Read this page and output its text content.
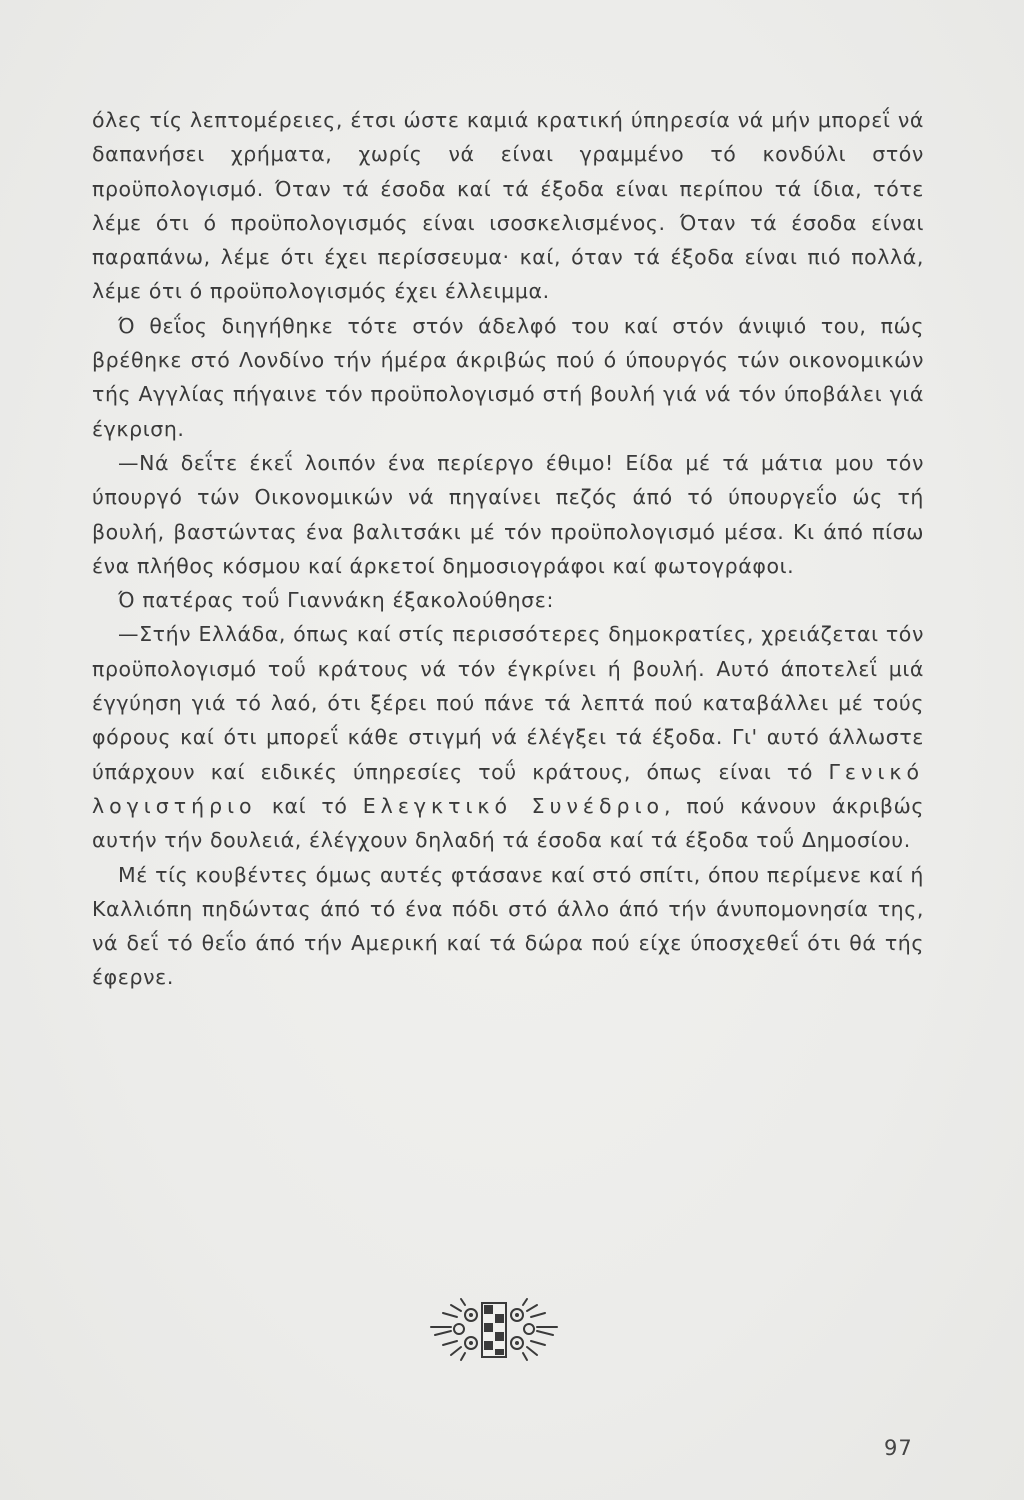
όλες τίς λεπτομέρειες, έτσι ώστε καμιά κρατική ύπηρεσία νά μήν μπορεΐ νά δαπανήσει χρήματα, χωρίς νά είναι γραμμένο τό κονδύλι στόν προϋπολογισμό. Όταν τά έσοδα καί τά έξοδα είναι περίπου τά ίδια, τότε λέμε ότι ό προϋπολογισμός είναι ισοσκελισμένος. Όταν τά έσοδα είναι παραπάνω, λέμε ότι έχει περίσσευμα· καί, όταν τά έξοδα είναι πιό πολλά, λέμε ότι ό προϋπολογισμός έχει έλλειμμα.

Ό θεΐος διηγήθηκε τότε στόν άδελφό του καί στόν άνιψιό του, πώς βρέθηκε στό Λονδίνο τήν ήμέρα άκριβώς πού ό ύπουργός τών οικονομικών τής Αγγλίας πήγαινε τόν προϋπολογισμό στή βουλή γιά νά τόν ύποβάλει γιά έγκριση.

—Νά δεΐτε έκεΐ λοιπόν ένα περίεργο έθιμο! Είδα μέ τά μάτια μου τόν ύπουργό τών Οικονομικών νά πηγαίνει πεζός άπό τό ύπουργεΐο ώς τή βουλή, βαστώντας ένα βαλιτσάκι μέ τόν προϋπολογισμό μέσα. Κι άπό πίσω ένα πλήθος κόσμου καί άρκετοί δημοσιογράφοι καί φωτογράφοι.

Ό πατέρας τοΰ Γιαννάκη έξακολούθησε:

—Στήν Ελλάδα, όπως καί στίς περισσότερες δημοκρατίες, χρειάζεται τόν προϋπολογισμό τοΰ κράτους νά τόν έγκρίνει ή βουλή. Αυτό άποτελεΐ μιά έγγύηση γιά τό λαό, ότι ξέρει πού πάνε τά λεπτά πού καταβάλλει μέ τούς φόρους καί ότι μπορεΐ κάθε στιγμή νά έλέγξει τά έξοδα. Γι' αυτό άλλωστε ύπάρχουν καί ειδικές ύπηρεσίες τοΰ κράτους, όπως είναι τό Γενικό λογιστήριο καί τό Ελεγκτικό Συνέδριο, πού κάνουν άκριβώς αυτήν τήν δουλειά, έλέγχουν δηλαδή τά έσοδα καί τά έξοδα τοΰ Δημοσίου.

Μέ τίς κουβέντες όμως αυτές φτάσανε καί στό σπίτι, όπου περίμενε καί ή Καλλιόπη πηδώντας άπό τό ένα πόδι στό άλλο άπό τήν άνυπομονησία της, νά δεΐ τό θεΐο άπό τήν Αμερική καί τά δώρα πού είχε ύποσχεθεΐ ότι θά τής έφερνε.

97
